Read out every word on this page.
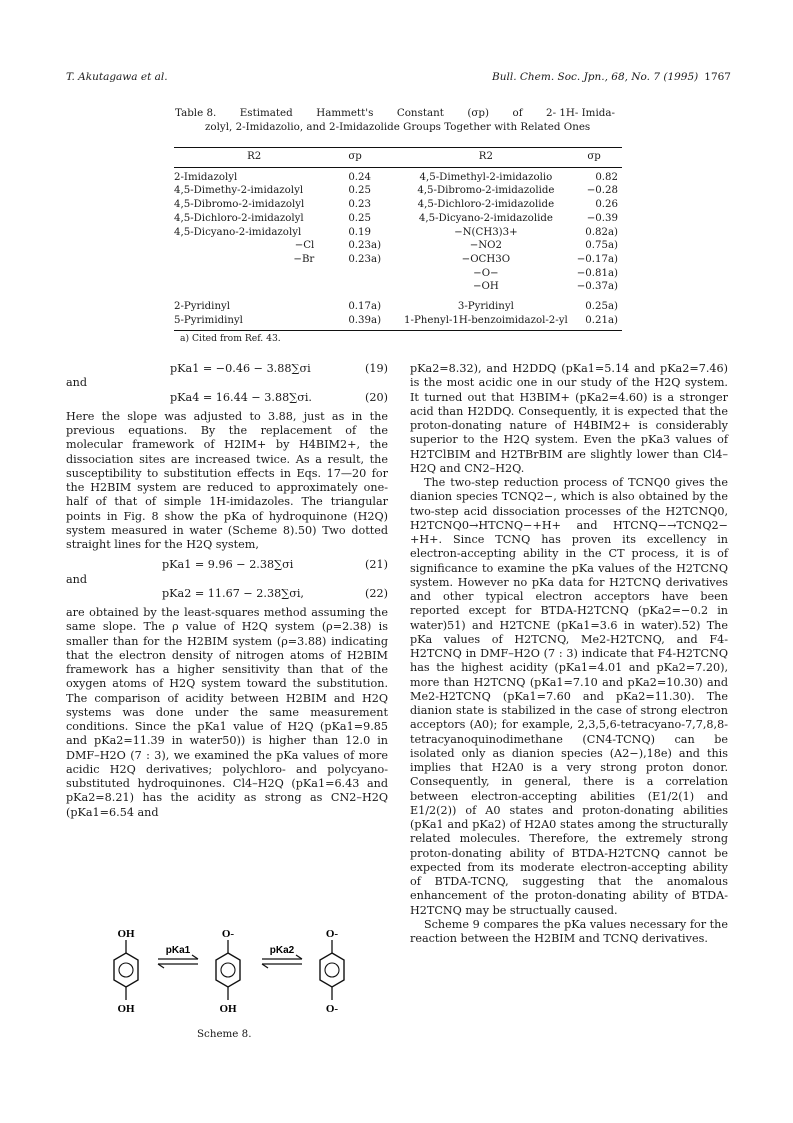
T. Akutagawa et al.	Bull. Chem. Soc. Jpn., 68, No. 7 (1995) 1767
Table 8. Estimated Hammett's Constant (σp) of 2- 1H- Imida-
zolyl, 2-Imidazolio, and 2-Imidazolide Groups Together with Related Ones
R2	σp	R2	σp
2-Imidazolyl	0.24	4,5-Dimethyl-2-imidazolio	0.82
4,5-Dimethy-2-imidazolyl	0.25	4,5-Dibromo-2-imidazolide	−0.28
4,5-Dibromo-2-imidazolyl	0.23	4,5-Dichloro-2-imidazolide	0.26
4,5-Dichloro-2-imidazolyl	0.25	4,5-Dicyano-2-imidazolide	−0.39
4,5-Dicyano-2-imidazolyl	0.19	−N(CH3)3+	0.82a)
−Cl	0.23a)	−NO2	0.75a)
−Br	0.23a)	−OCH3O	−0.17a)
		−O−	−0.81a)
		−OH	−0.37a)

2-Pyridinyl	0.17a)	3-Pyridinyl	0.25a)
5-Pyrimidinyl	0.39a)	1-Phenyl-1H-benzoimidazol-2-yl	0.21a)
a) Cited from Ref. 43.
pKa1 = −0.46 − 3.88∑σi	(19)

and

pKa4 = 16.44 − 3.88∑σi.	(20)

Here the slope was adjusted to 3.88, just as in the previous equations. By the replacement of the molecular framework of H2IM+ by H4BIM2+, the dissociation sites are increased twice. As a result, the susceptibility to substitution effects in Eqs. 17—20 for the H2BIM system are reduced to approximately one-half of that of simple 1H-imidazoles. The triangular points in Fig. 8 show the pKa of hydroquinone (H2Q) system measured in water (Scheme 8).50) Two dotted straight lines for the H2Q system,

pKa1 = 9.96 − 2.38∑σi	(21)

and

pKa2 = 11.67 − 2.38∑σi,	(22)

are obtained by the least-squares method assuming the same slope. The ρ value of H2Q system (ρ=2.38) is smaller than for the H2BIM system (ρ=3.88) indicating that the electron density of nitrogen atoms of H2BIM framework has a higher sensitivity than that of the oxygen atoms of H2Q system toward the substitution. The comparison of acidity between H2BIM and H2Q systems was done under the same measurement conditions. Since the pKa1 value of H2Q (pKa1=9.85 and pKa2=11.39 in water50)) is higher than 12.0 in DMF–H2O (7 : 3), we examined the pKa values of more acidic H2Q derivatives; polychloro- and polycyano-substituted hydroquinones. Cl4–H2Q (pKa1=6.43 and pKa2=8.21) has the acidity as strong as CN2–H2Q (pKa1=6.54 and

pKa2=8.32), and H2DDQ (pKa1=5.14 and pKa2=7.46) is the most acidic one in our study of the H2Q system. It turned out that H3BIM+ (pKa2=4.60) is a stronger acid than H2DDQ. Consequently, it is expected that the proton-donating nature of H4BIM2+ is considerably superior to the H2Q system. Even the pKa3 values of H2TClBIM and H2TBrBIM are slightly lower than Cl4–H2Q and CN2–H2Q.

The two-step reduction process of TCNQ0 gives the dianion species TCNQ2−, which is also obtained by the two-step acid dissociation processes of the H2TCNQ0, H2TCNQ0→HTCNQ−+H+ and HTCNQ−→TCNQ2−+H+. Since TCNQ has proven its excellency in electron-accepting ability in the CT process, it is of significance to examine the pKa values of the H2TCNQ system. However no pKa data for H2TCNQ derivatives and other typical electron acceptors have been reported except for BTDA-H2TCNQ (pKa2=−0.2 in water)51) and H2TCNE (pKa1=3.6 in water).52) The pKa values of H2TCNQ, Me2-H2TCNQ, and F4-H2TCNQ in DMF–H2O (7 : 3) indicate that F4-H2TCNQ has the highest acidity (pKa1=4.01 and pKa2=7.20), more than H2TCNQ (pKa1=7.10 and pKa2=10.30) and Me2-H2TCNQ (pKa1=7.60 and pKa2=11.30). The dianion state is stabilized in the case of strong electron acceptors (A0); for example, 2,3,5,6-tetracyano-7,7,8,8-tetracyanoquinodimethane (CN4-TCNQ) can be isolated only as dianion species (A2−),18e) and this implies that H2A0 is a very strong proton donor. Consequently, in general, there is a correlation between electron-accepting abilities (E1/2(1) and E1/2(2)) of A0 states and proton-donating abilities (pKa1 and pKa2) of H2A0 states among the structurally related molecules. Therefore, the extremely strong proton-donating ability of BTDA-H2TCNQ cannot be expected from its moderate electron-accepting ability of BTDA-TCNQ, suggesting that the anomalous enhancement of the proton-donating ability of BTDA-H2TCNQ may be structually caused.

Scheme 9 compares the pKa values necessary for the reaction between the H2BIM and TCNQ derivatives.

OH
OH
pKa1
O-
OH
pKa2
O-
O-
Scheme 8.
